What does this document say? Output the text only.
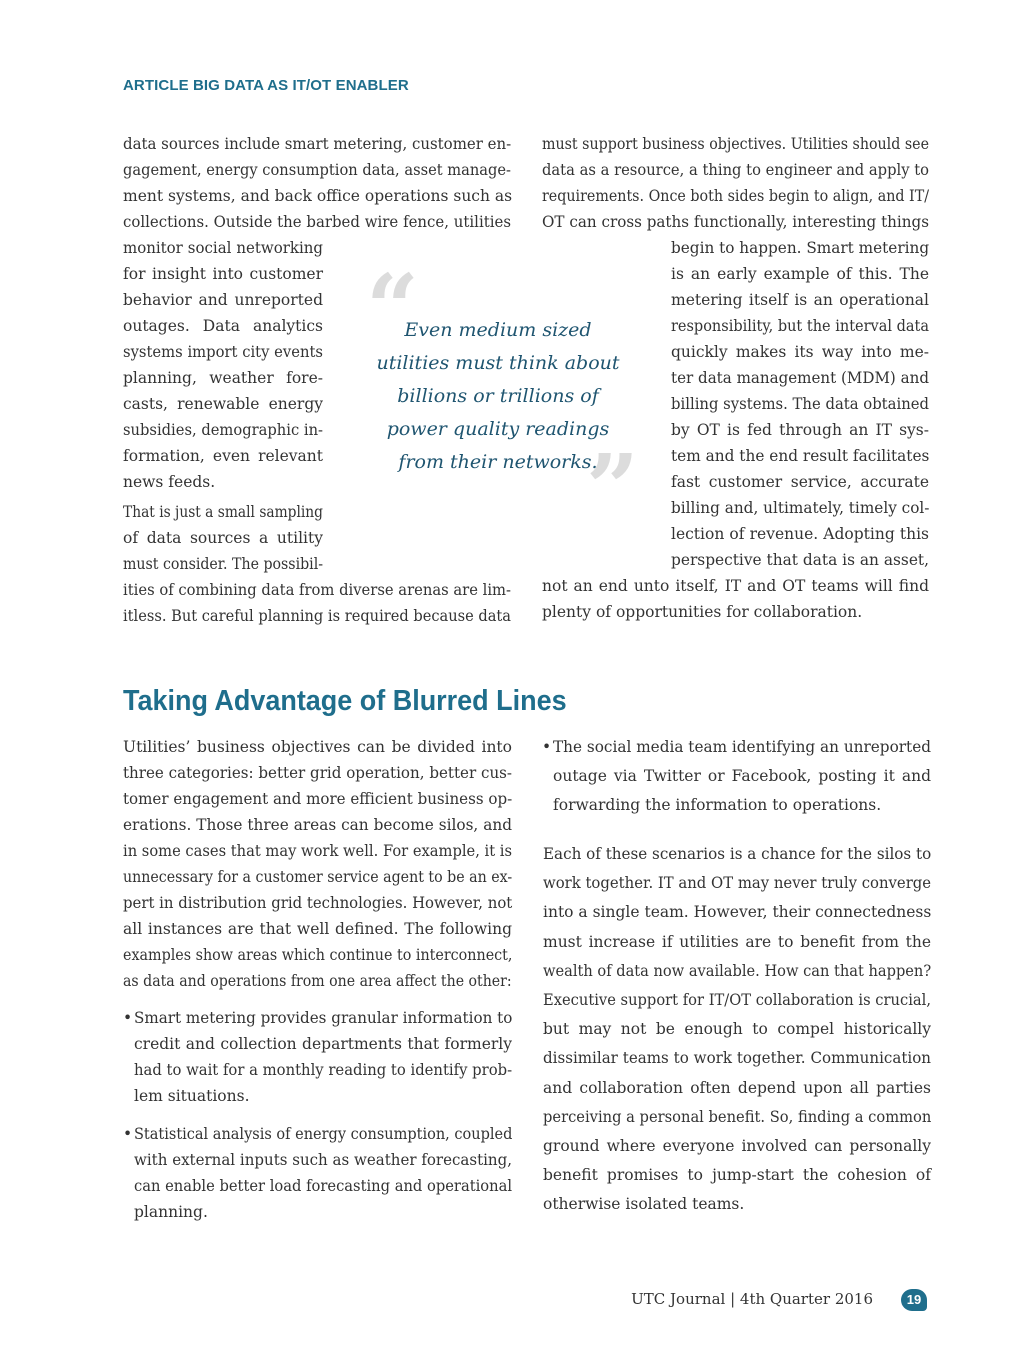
ARTICLE BIG DATA AS IT/OT ENABLER
data sources include smart metering, customer en-
gagement, energy consumption data, asset manage-
ment systems, and back office operations such as
collections. Outside the barbed wire fence, utilities
monitor social networking
for insight into customer
behavior and unreported
outages. Data analytics
systems import city events
planning, weather fore-
casts, renewable energy
subsidies, demographic in-
formation, even relevant
news feeds.
That is just a small sampling
of data sources a utility
must consider. The possibil-
ities of combining data from diverse arenas are lim-
itless. But careful planning is required because data
must support business objectives. Utilities should see
data as a resource, a thing to engineer and apply to
requirements. Once both sides begin to align, and IT/
OT can cross paths functionally, interesting things
begin to happen. Smart metering
is an early example of this. The
metering itself is an operational
responsibility, but the interval data
quickly makes its way into me-
ter data management (MDM) and
billing systems. The data obtained
by OT is fed through an IT sys-
tem and the end result facilitates
fast customer service, accurate
billing and, ultimately, timely col-
lection of revenue. Adopting this
perspective that data is an asset,
not an end unto itself, IT and OT teams will find
plenty of opportunities for collaboration.
“
”
Even medium sized
utilities must think about
billions or trillions of
power quality readings
from their networks.
Taking Advantage of Blurred Lines
Utilities’ business objectives can be divided into
three categories: better grid operation, better cus-
tomer engagement and more efficient business op-
erations. Those three areas can become silos, and
in some cases that may work well. For example, it is
unnecessary for a customer service agent to be an ex-
pert in distribution grid technologies. However, not
all instances are that well defined. The following
examples show areas which continue to interconnect,
as data and operations from one area affect the other:
• Smart metering provides granular information to
credit and collection departments that formerly
had to wait for a monthly reading to identify prob-
lem situations.
• Statistical analysis of energy consumption, coupled
with external inputs such as weather forecasting,
can enable better load forecasting and operational
planning.
• The social media team identifying an unreported
outage via Twitter or Facebook, posting it and
forwarding the information to operations.
Each of these scenarios is a chance for the silos to
work together. IT and OT may never truly converge
into a single team. However, their connectedness
must increase if utilities are to benefit from the
wealth of data now available. How can that happen?
Executive support for IT/OT collaboration is crucial,
but may not be enough to compel historically
dissimilar teams to work together. Communication
and collaboration often depend upon all parties
perceiving a personal benefit. So, finding a common
ground where everyone involved can personally
benefit promises to jump-start the cohesion of
otherwise isolated teams.
UTC Journal | 4th Quarter 2016	19
